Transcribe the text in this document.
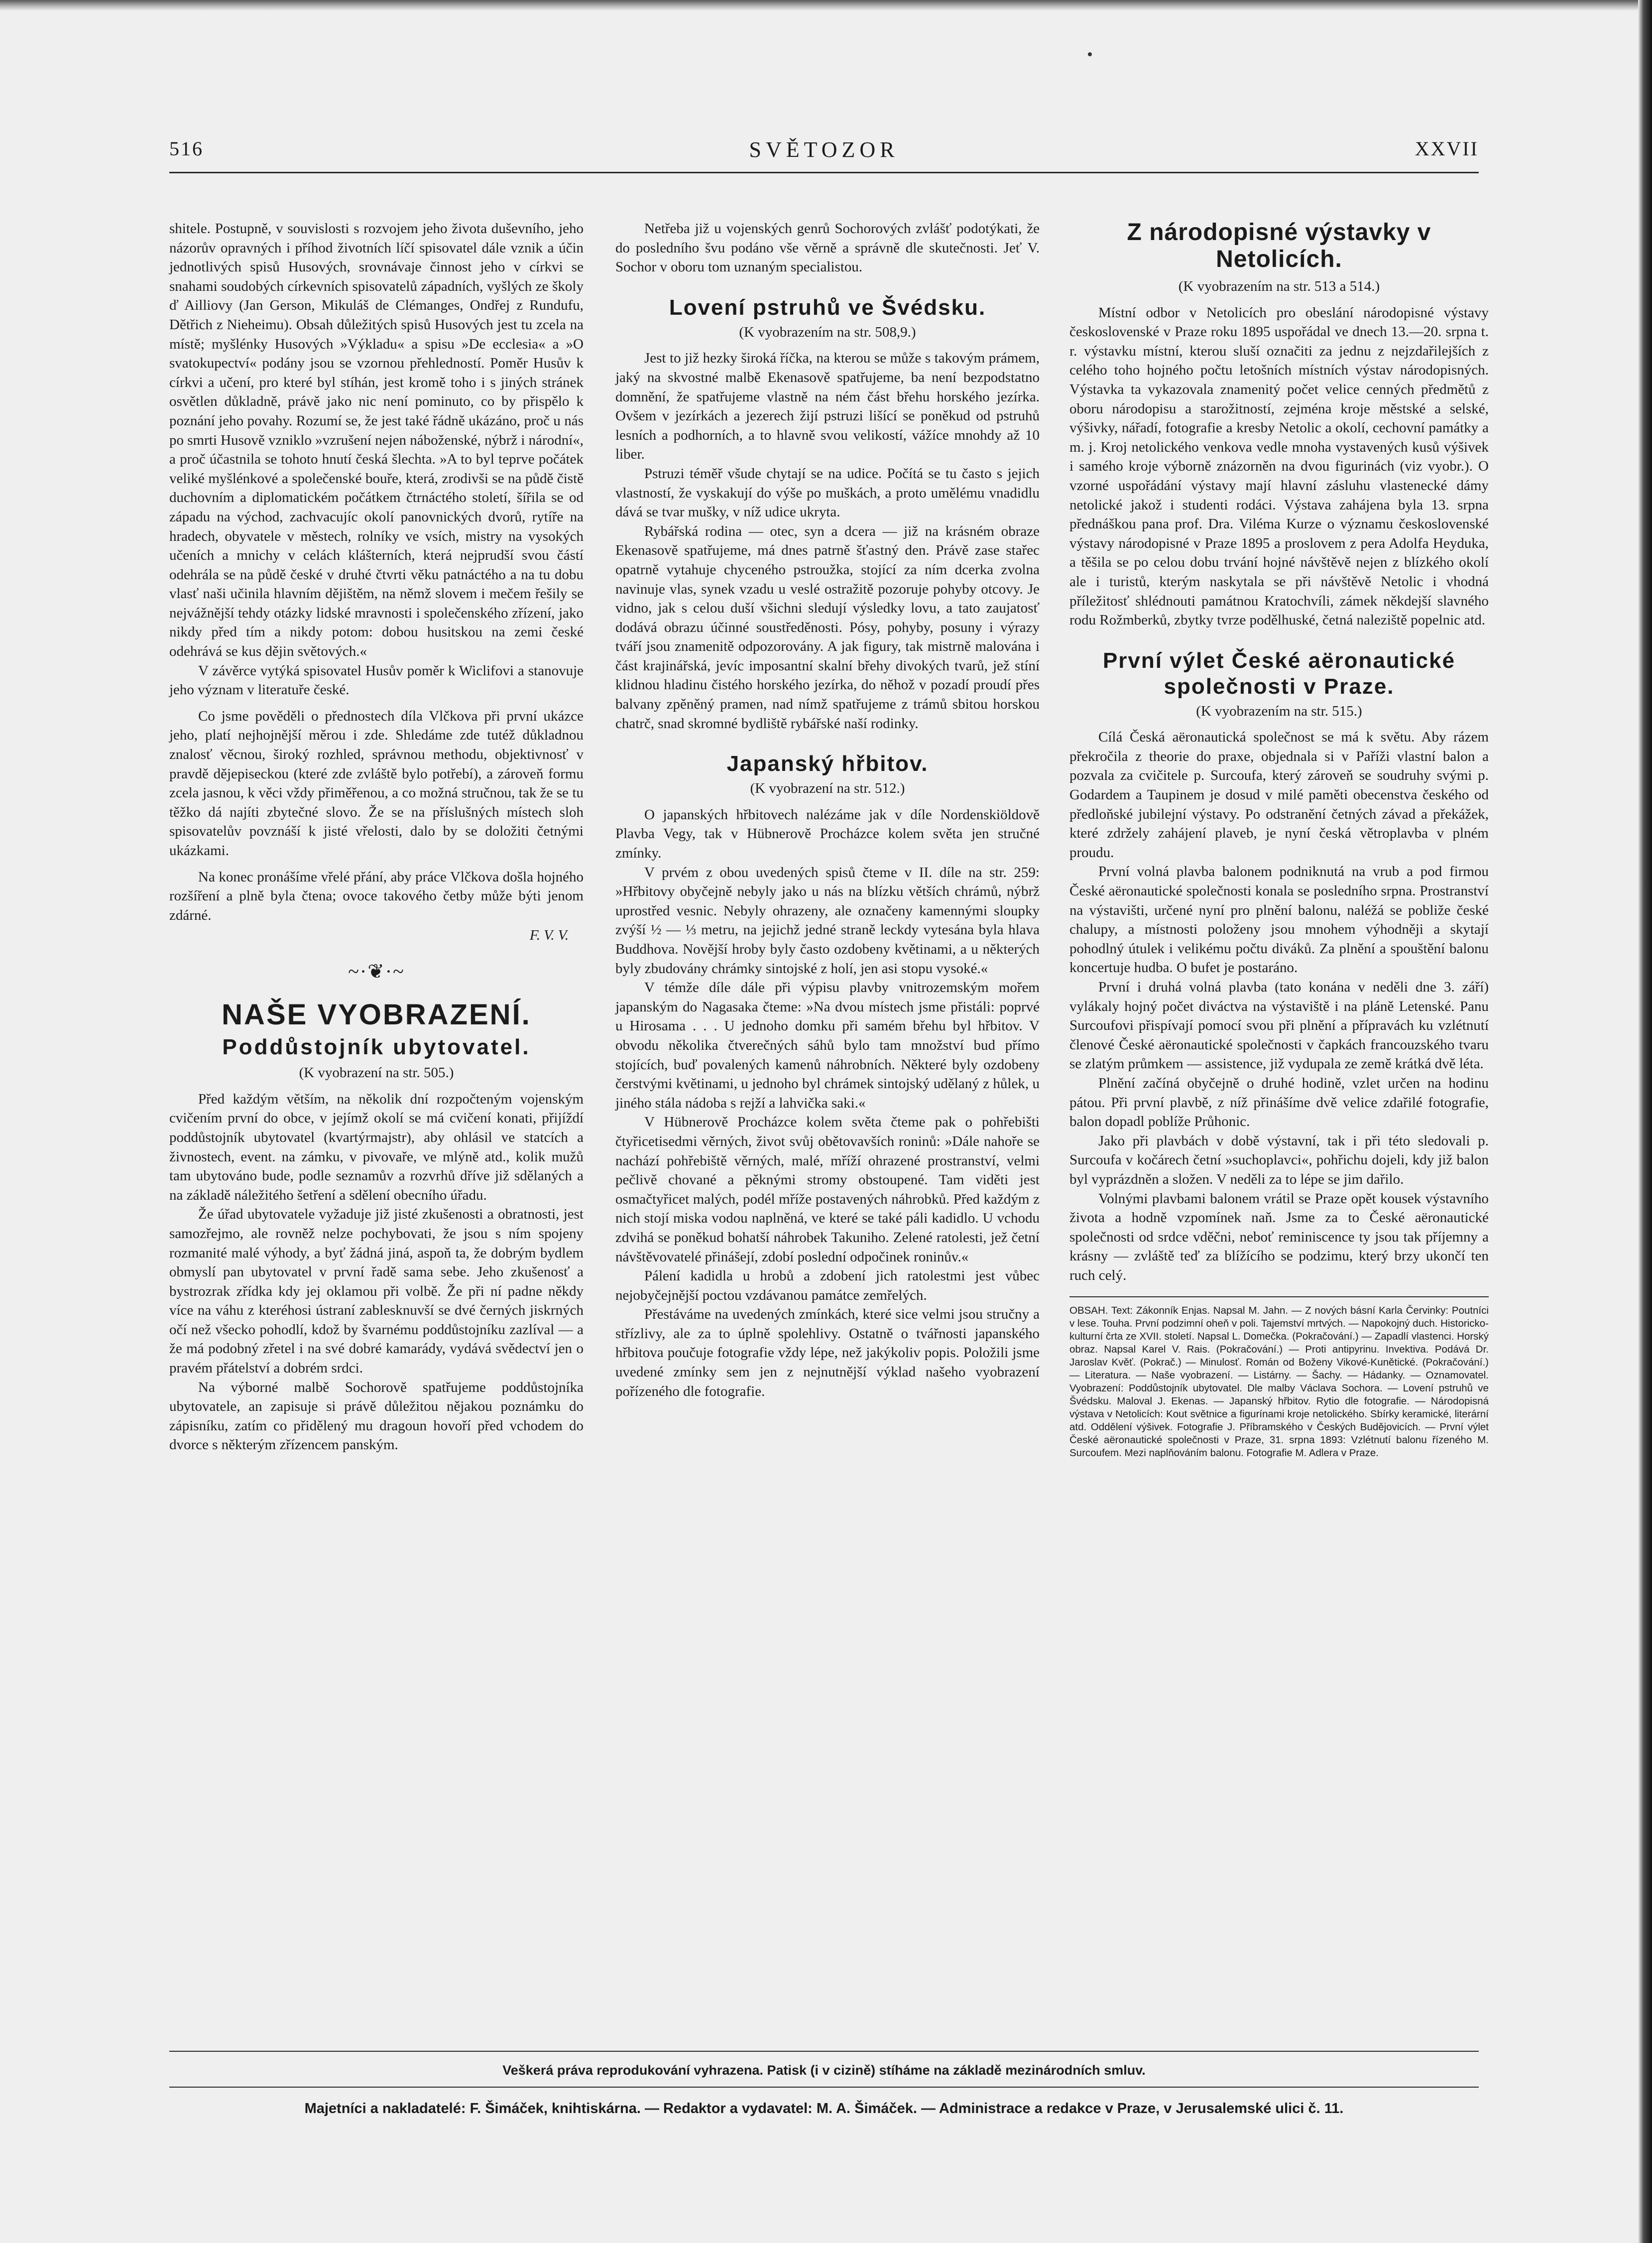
516	SVĚTOZOR	XXVII

shitele. Postupně, v souvislosti s rozvojem jeho života duševního, jeho názorův opravných i příhod životních líčí spisovatel dále vznik a účin jednotlivých spisů Husových, srovnávaje činnost jeho v církvi se snahami soudobých církevních spisovatelů západních, vyšlých ze školy ď Ailliovy (Jan Gerson, Mikuláš de Clémanges, Ondřej z Rundufu, Dětřich z Nieheimu). Obsah důležitých spisů Husových jest tu zcela na místě; myšlénky Husových »Výkladu« a spisu »De ecclesia« a »O svatokupectví« podány jsou se vzornou přehledností. Poměr Husův k církvi a učení, pro které byl stíhán, jest kromě toho i s jiných stránek osvětlen důkladně, právě jako nic není pominuto, co by přispělo k poznání jeho povahy. Rozumí se, že jest také řádně ukázáno, proč u nás po smrti Husově vzniklo »vzrušení nejen náboženské, nýbrž i národní«, a proč účastnila se tohoto hnutí česká šlechta. »A to byl teprve počátek veliké myšlénkové a společenské bouře, která, zrodivši se na půdě čistě duchovním a diplomatickém počátkem čtrnáctého století, šířila se od západu na východ, zachvacujíc okolí panovnických dvorů, rytíře na hradech, obyvatele v městech, rolníky ve vsích, mistry na vysokých učeních a mnichy v celách klášterních, která nejprudší svou částí odehrála se na půdě české v druhé čtvrti věku patnáctého a na tu dobu vlasť naši učinila hlavním dějištěm, na němž slovem i mečem řešily se nejvážnější tehdy otázky lidské mravnosti i společenského zřízení, jako nikdy před tím a nikdy potom: dobou husitskou na zemi české odehrává se kus dějin světových.«

V závěrce vytýká spisovatel Husův poměr k Wiclifovi a stanovuje jeho význam v literatuře české.

Co jsme pověděli o přednostech díla Vlčkova při první ukázce jeho, platí nejhojnější měrou i zde. Shledáme zde tutéž důkladnou znalosť věcnou, široký rozhled, správnou methodu, objektivnosť v pravdě dějepiseckou (které zde zvláště bylo potřebí), a zároveň formu zcela jasnou, k věci vždy přiměřenou, a co možná stručnou, tak že se tu těžko dá najíti zbytečné slovo. Že se na příslušných místech sloh spisovatelův povznáší k jisté vřelosti, dalo by se doložiti četnými ukázkami.

Na konec pronášíme vřelé přání, aby práce Vlčkova došla hojného rozšíření a plně byla čtena; ovoce takového četby může býti jenom zdárné.

F. V. V.

~·❦·~
NAŠE VYOBRAZENÍ.
Poddůstojník ubytovatel.

(K vyobrazení na str. 505.)

Před každým větším, na několik dní rozpočteným vojenským cvičením první do obce, v jejímž okolí se má cvičení konati, přijíždí poddůstojník ubytovatel (kvartýrmajstr), aby ohlásil ve statcích a živnostech, event. na zámku, v pivovaře, ve mlýně atd., kolik mužů tam ubytováno bude, podle seznamův a rozvrhů dříve již sdělaných a na základě náležitého šetření a sdělení obecního úřadu.

Že úřad ubytovatele vyžaduje již jisté zkušenosti a obratnosti, jest samozřejmo, ale rovněž nelze pochybovati, že jsou s ním spojeny rozmanité malé výhody, a byť žádná jiná, aspoň ta, že dobrým bydlem obmyslí pan ubytovatel v první řadě sama sebe. Jeho zkušenosť a bystrozrak zřídka kdy jej oklamou při volbě. Že při ní padne někdy více na váhu z kteréhosi ústraní zablesknuvší se dvé černých jiskrných očí než všecko pohodlí, kdož by švarnému poddůstojníku zazlíval — a že má podobný zřetel i na své dobré kamarády, vydává svědectví jen o pravém přátelství a dobrém srdci.

Na výborné malbě Sochorově spatřujeme poddůstojníka ubytovatele, an zapisuje si právě důležitou nějakou poznámku do zápisníku, zatím co přidělený mu dragoun hovoří před vchodem do dvorce s některým zřízencem panským.

Netřeba již u vojenských genrů Sochorových zvlášť podotýkati, že do posledního švu podáno vše věrně a správně dle skutečnosti. Jeť V. Sochor v oboru tom uznaným specialistou.

Lovení pstruhů ve Švédsku.

(K vyobrazením na str. 508,9.)

Jest to již hezky široká říčka, na kterou se může s takovým prámem, jaký na skvostné malbě Ekenasově spatřujeme, ba není bezpodstatno domnění, že spatřujeme vlastně na ném část břehu horského jezírka. Ovšem v jezírkách a jezerech žijí pstruzi lišící se poněkud od pstruhů lesních a podhorních, a to hlavně svou velikostí, vážíce mnohdy až 10 liber.

Pstruzi téměř všude chytají se na udice. Počítá se tu často s jejich vlastností, že vyskakují do výše po muškách, a proto umělému vnadidlu dává se tvar mušky, v níž udice ukryta.

Rybářská rodina — otec, syn a dcera — již na krásném obraze Ekenasově spatřujeme, má dnes patrně šťastný den. Právě zase stařec opatrně vytahuje chyceného pstroužka, stojící za ním dcerka zvolna navinuje vlas, synek vzadu u veslé ostražitě pozoruje pohyby otcovy. Je vidno, jak s celou duší všichni sledují výsledky lovu, a tato zaujatosť dodává obrazu účinné soustředěnosti. Pósy, pohyby, posuny i výrazy tváří jsou znamenitě odpozorovány. A jak figury, tak mistrně malována i část krajinářská, jevíc imposantní skalní břehy divokých tvarů, jež stíní klidnou hladinu čistého horského jezírka, do něhož v pozadí proudí přes balvany zpěněný pramen, nad nímž spatřujeme z trámů sbitou horskou chatrč, snad skromné bydliště rybářské naší rodinky.

Japanský hřbitov.

(K vyobrazení na str. 512.)

O japanských hřbitovech nalézáme jak v díle Nordenskiöldově Plavba Vegy, tak v Hübnerově Procházce kolem světa jen stručné zmínky.

V prvém z obou uvedených spisů čteme v II. díle na str. 259: »Hřbitovy obyčejně nebyly jako u nás na blízku větších chrámů, nýbrž uprostřed vesnic. Nebyly ohrazeny, ale označeny kamennými sloupky zvýší ½ — ⅓ metru, na jejichž jedné straně leckdy vytesána byla hlava Buddhova. Novější hroby byly často ozdobeny květinami, a u některých byly zbudovány chrámky sintojské z holí, jen asi stopu vysoké.«

V témže díle dále při výpisu plavby vnitrozemským mořem japanským do Nagasaka čteme: »Na dvou místech jsme přistáli: poprvé u Hirosama . . . U jednoho domku při samém břehu byl hřbitov. V obvodu několika čtverečných sáhů bylo tam množství bud přímo stojících, buď povalených kamenů náhrobních. Některé byly ozdobeny čerstvými květinami, u jednoho byl chrámek sintojský udělaný z hůlek, u jiného stála nádoba s rejží a lahvička saki.«

V Hübnerově Procházce kolem světa čteme pak o pohřebišti čtyřicetisedmi věrných, život svůj obětovavších roninů: »Dále nahoře se nachází pohřebiště věrných, malé, mříží ohrazené prostranství, velmi pečlivě chované a pěknými stromy obstoupené. Tam viděti jest osmačtyřicet malých, podél mříže postavených náhrobků. Před každým z nich stojí miska vodou naplněná, ve které se také páli kadidlo. U vchodu zdvihá se poněkud bohatší náhrobek Takuniho. Zelené ratolesti, jež četní návštěvovatelé přinášejí, zdobí poslední odpočinek roninův.«

Pálení kadidla u hrobů a zdobení jich ratolestmi jest vůbec nejobyčejnější poctou vzdávanou památce zemřelých.

Přestáváme na uvedených zmínkách, které sice velmi jsou stručny a střízlivy, ale za to úplně spolehlivy. Ostatně o tvářnosti japanského hřbitova poučuje fotografie vždy lépe, než jakýkoliv popis. Položili jsme uvedené zmínky sem jen z nejnutnější výklad našeho vyobrazení pořízeného dle fotografie.

Z národopisné výstavky v Netolicích.

(K vyobrazením na str. 513 a 514.)

Místní odbor v Netolicích pro obeslání národopisné výstavy československé v Praze roku 1895 uspořádal ve dnech 13.—20. srpna t. r. výstavku místní, kterou sluší označiti za jednu z nejzdařilejších z celého toho hojného počtu letošních místních výstav národopisných. Výstavka ta vykazovala znamenitý počet velice cenných předmětů z oboru národopisu a starožitností, zejména kroje městské a selské, výšivky, nářadí, fotografie a kresby Netolic a okolí, cechovní památky a m. j. Kroj netolického venkova vedle mnoha vystavených kusů výšivek i samého kroje výborně znázorněn na dvou figurinách (viz vyobr.). O vzorné uspořádání výstavy mají hlavní zásluhu vlastenecké dámy netolické jakož i studenti rodáci. Výstava zahájena byla 13. srpna přednáškou pana prof. Dra. Viléma Kurze o významu československé výstavy národopisné v Praze 1895 a proslovem z pera Adolfa Heyduka, a těšila se po celou dobu trvání hojné návštěvě nejen z blízkého okolí ale i turistů, kterým naskytala se při návštěvě Netolic i vhodná příležitosť shlédnouti památnou Kratochvíli, zámek někdejší slavného rodu Rožmberků, zbytky tvrze podělhuské, četná naleziště popelnic atd.

První výlet České aëronautické společnosti v Praze.

(K vyobrazením na str. 515.)

Cílá Česká aëronautická společnost se má k světu. Aby rázem překročila z theorie do praxe, objednala si v Paříži vlastní balon a pozvala za cvičitele p. Surcoufa, který zároveň se soudruhy svými p. Godardem a Taupinem je dosud v milé paměti obecenstva českého od předloňské jubilejní výstavy. Po odstranění četných závad a překážek, které zdržely zahájení plaveb, je nyní česká větroplavba v plném proudu.

První volná plavba balonem podniknutá na vrub a pod firmou České aëronautické společnosti konala se posledního srpna. Prostranství na výstavišti, určené nyní pro plnění balonu, naléžá se pobliže české chalupy, a místnosti položeny jsou mnohem výhodněji a skytají pohodlný útulek i velikému počtu diváků. Za plnění a spouštění balonu koncertuje hudba. O bufet je postaráno.

První i druhá volná plavba (tato konána v neděli dne 3. září) vylákaly hojný počet diváctva na výstaviště i na pláně Letenské. Panu Surcoufovi přispívají pomocí svou při plnění a přípravách ku vzlétnutí členové České aëronautické společnosti v čapkách francouzského tvaru se zlatým průmkem — assistence, již vydupala ze země krátká dvě léta.

Plnění začíná obyčejně o druhé hodině, vzlet určen na hodinu pátou. Při první plavbě, z níž přinášíme dvě velice zdařilé fotografie, balon dopadl poblíže Průhonic.

Jako při plavbách v době výstavní, tak i při této sledovali p. Surcoufa v kočárech četní »suchoplavci«, pohřichu dojeli, kdy již balon byl vyprázdněn a složen. V neděli za to lépe se jim dařilo.

Volnými plavbami balonem vrátil se Praze opět kousek výstavního života a hodně vzpomínek naň. Jsme za to České aëronautické společnosti od srdce vděčni, neboť reminiscence ty jsou tak příjemny a krásny — zvláště teď za blížícího se podzimu, který brzy ukončí ten ruch celý.

OBSAH. Text: Zákonník Enjas. Napsal M. Jahn. — Z nových básní Karla Červinky: Poutníci v lese. Touha. První podzimní oheň v poli. Tajemství mrtvých. — Napokojný duch. Historicko-kulturní črta ze XVII. století. Napsal L. Domečka. (Pokračování.) — Zapadlí vlastenci. Horský obraz. Napsal Karel V. Rais. (Pokračování.) — Proti antipyrinu. Invektiva. Podává Dr. Jaroslav Kvěť. (Pokrač.) — Minulosť. Román od Boženy Vikové-Kunětické. (Pokračování.) — Literatura. — Naše vyobrazení. — Listárny. — Šachy. — Hádanky. — Oznamovatel. Vyobrazení: Poddůstojník ubytovatel. Dle malby Václava Sochora. — Lovení pstruhů ve Švédsku. Maloval J. Ekenas. — Japanský hřbitov. Rytio dle fotografie. — Národopisná výstava v Netolicích: Kout světnice a figurínami kroje netolického. Sbírky keramické, literární atd. Oddělení výšivek. Fotografie J. Příbramského v Českých Budějovicích. — První výlet České aëronautické společnosti v Praze, 31. srpna 1893: Vzlétnutí balonu řízeného M. Surcoufem. Mezi naplňováním balonu. Fotografie M. Adlera v Praze.
Veškerá práva reprodukování vyhrazena. Patisk (i v cizině) stíháme na základě mezinárodních smluv.
Majetníci a nakladatelé: F. Šimáček, knihtiskárna. — Redaktor a vydavatel: M. A. Šimáček. — Administrace a redakce v Praze, v Jerusalemské ulici č. 11.
